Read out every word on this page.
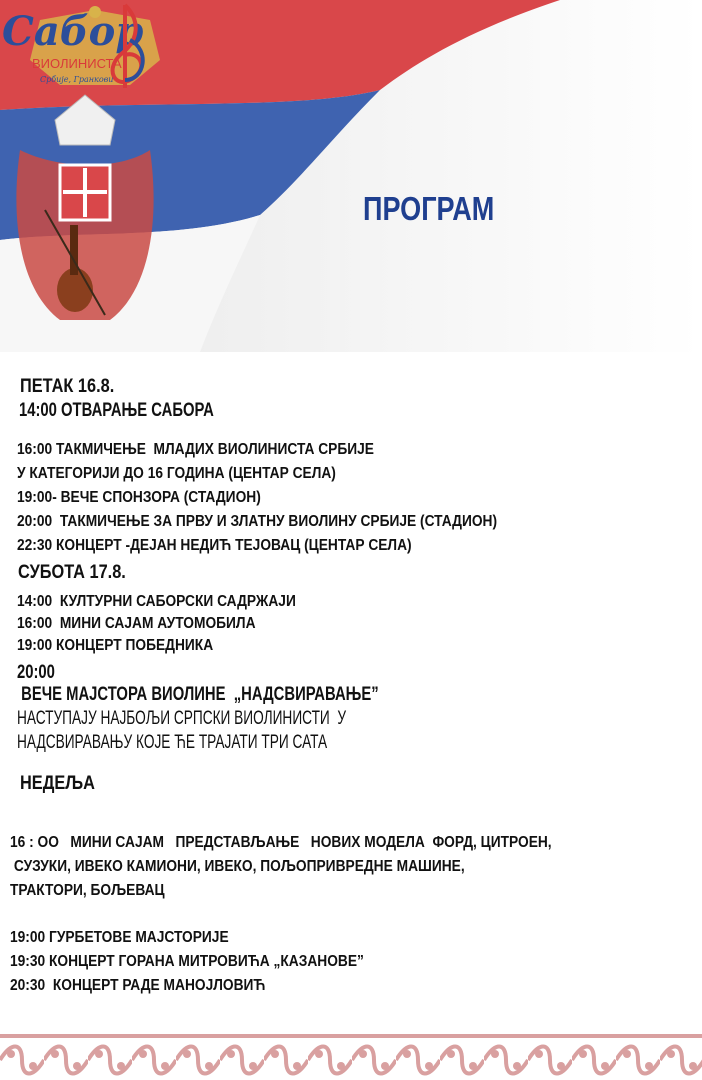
ПРОГРАМ
Сабор
ВИОЛИНИСТА
Србије, Гранкови
ПЕТАК 16.8.
14:00 ОТВАРАЊЕ САБОРА
16:00 ТАКМИЧЕЊЕ  МЛАДИХ ВИОЛИНИСТА СРБИЈЕ
У КАТЕГОРИЈИ ДО 16 ГОДИНА (ЦЕНТАР СЕЛА)
19:00- ВЕЧЕ СПОНЗОРА (СТАДИОН)
20:00  ТАКМИЧЕЊЕ ЗА ПРВУ И ЗЛАТНУ ВИОЛИНУ СРБИЈЕ (СТАДИОН)
22:30 КОНЦЕРТ -ДЕЈАН НЕДИЋ ТЕЈОВАЦ (ЦЕНТАР СЕЛА)
СУБОТА 17.8.
14:00  КУЛТУРНИ САБОРСКИ САДРЖАЈИ
16:00  МИНИ САЈАМ АУТОМОБИЛА
19:00 КОНЦЕРТ ПОБЕДНИКА
20:00
ВЕЧЕ МАЈСТОРА ВИОЛИНЕ  „НАДСВИРАВАЊЕ”
НАСТУПАЈУ НАЈБОЉИ СРПСКИ ВИОЛИНИСТИ  У
НАДСВИРАВАЊУ КОЈЕ ЋЕ ТРАЈАТИ ТРИ САТА
НЕДЕЉА
16 : ОО   МИНИ САЈАМ   ПРЕДСТАВЉАЊЕ   НОВИХ МОДЕЛА  ФОРД, ЦИТРОЕН,
СУЗУКИ, ИВЕКО КАМИОНИ, ИВЕКО, ПОЉОПРИВРЕДНЕ МАШИНЕ,
ТРАКТОРИ, БОЉЕВАЦ
19:00 ГУРБЕТОВЕ МАЈСТОРИЈЕ
19:30 КОНЦЕРТ ГОРАНА МИТРОВИЋА „КАЗАНОВЕ”
20:30  КОНЦЕРТ РАДЕ МАНОЈЛОВИЋ
